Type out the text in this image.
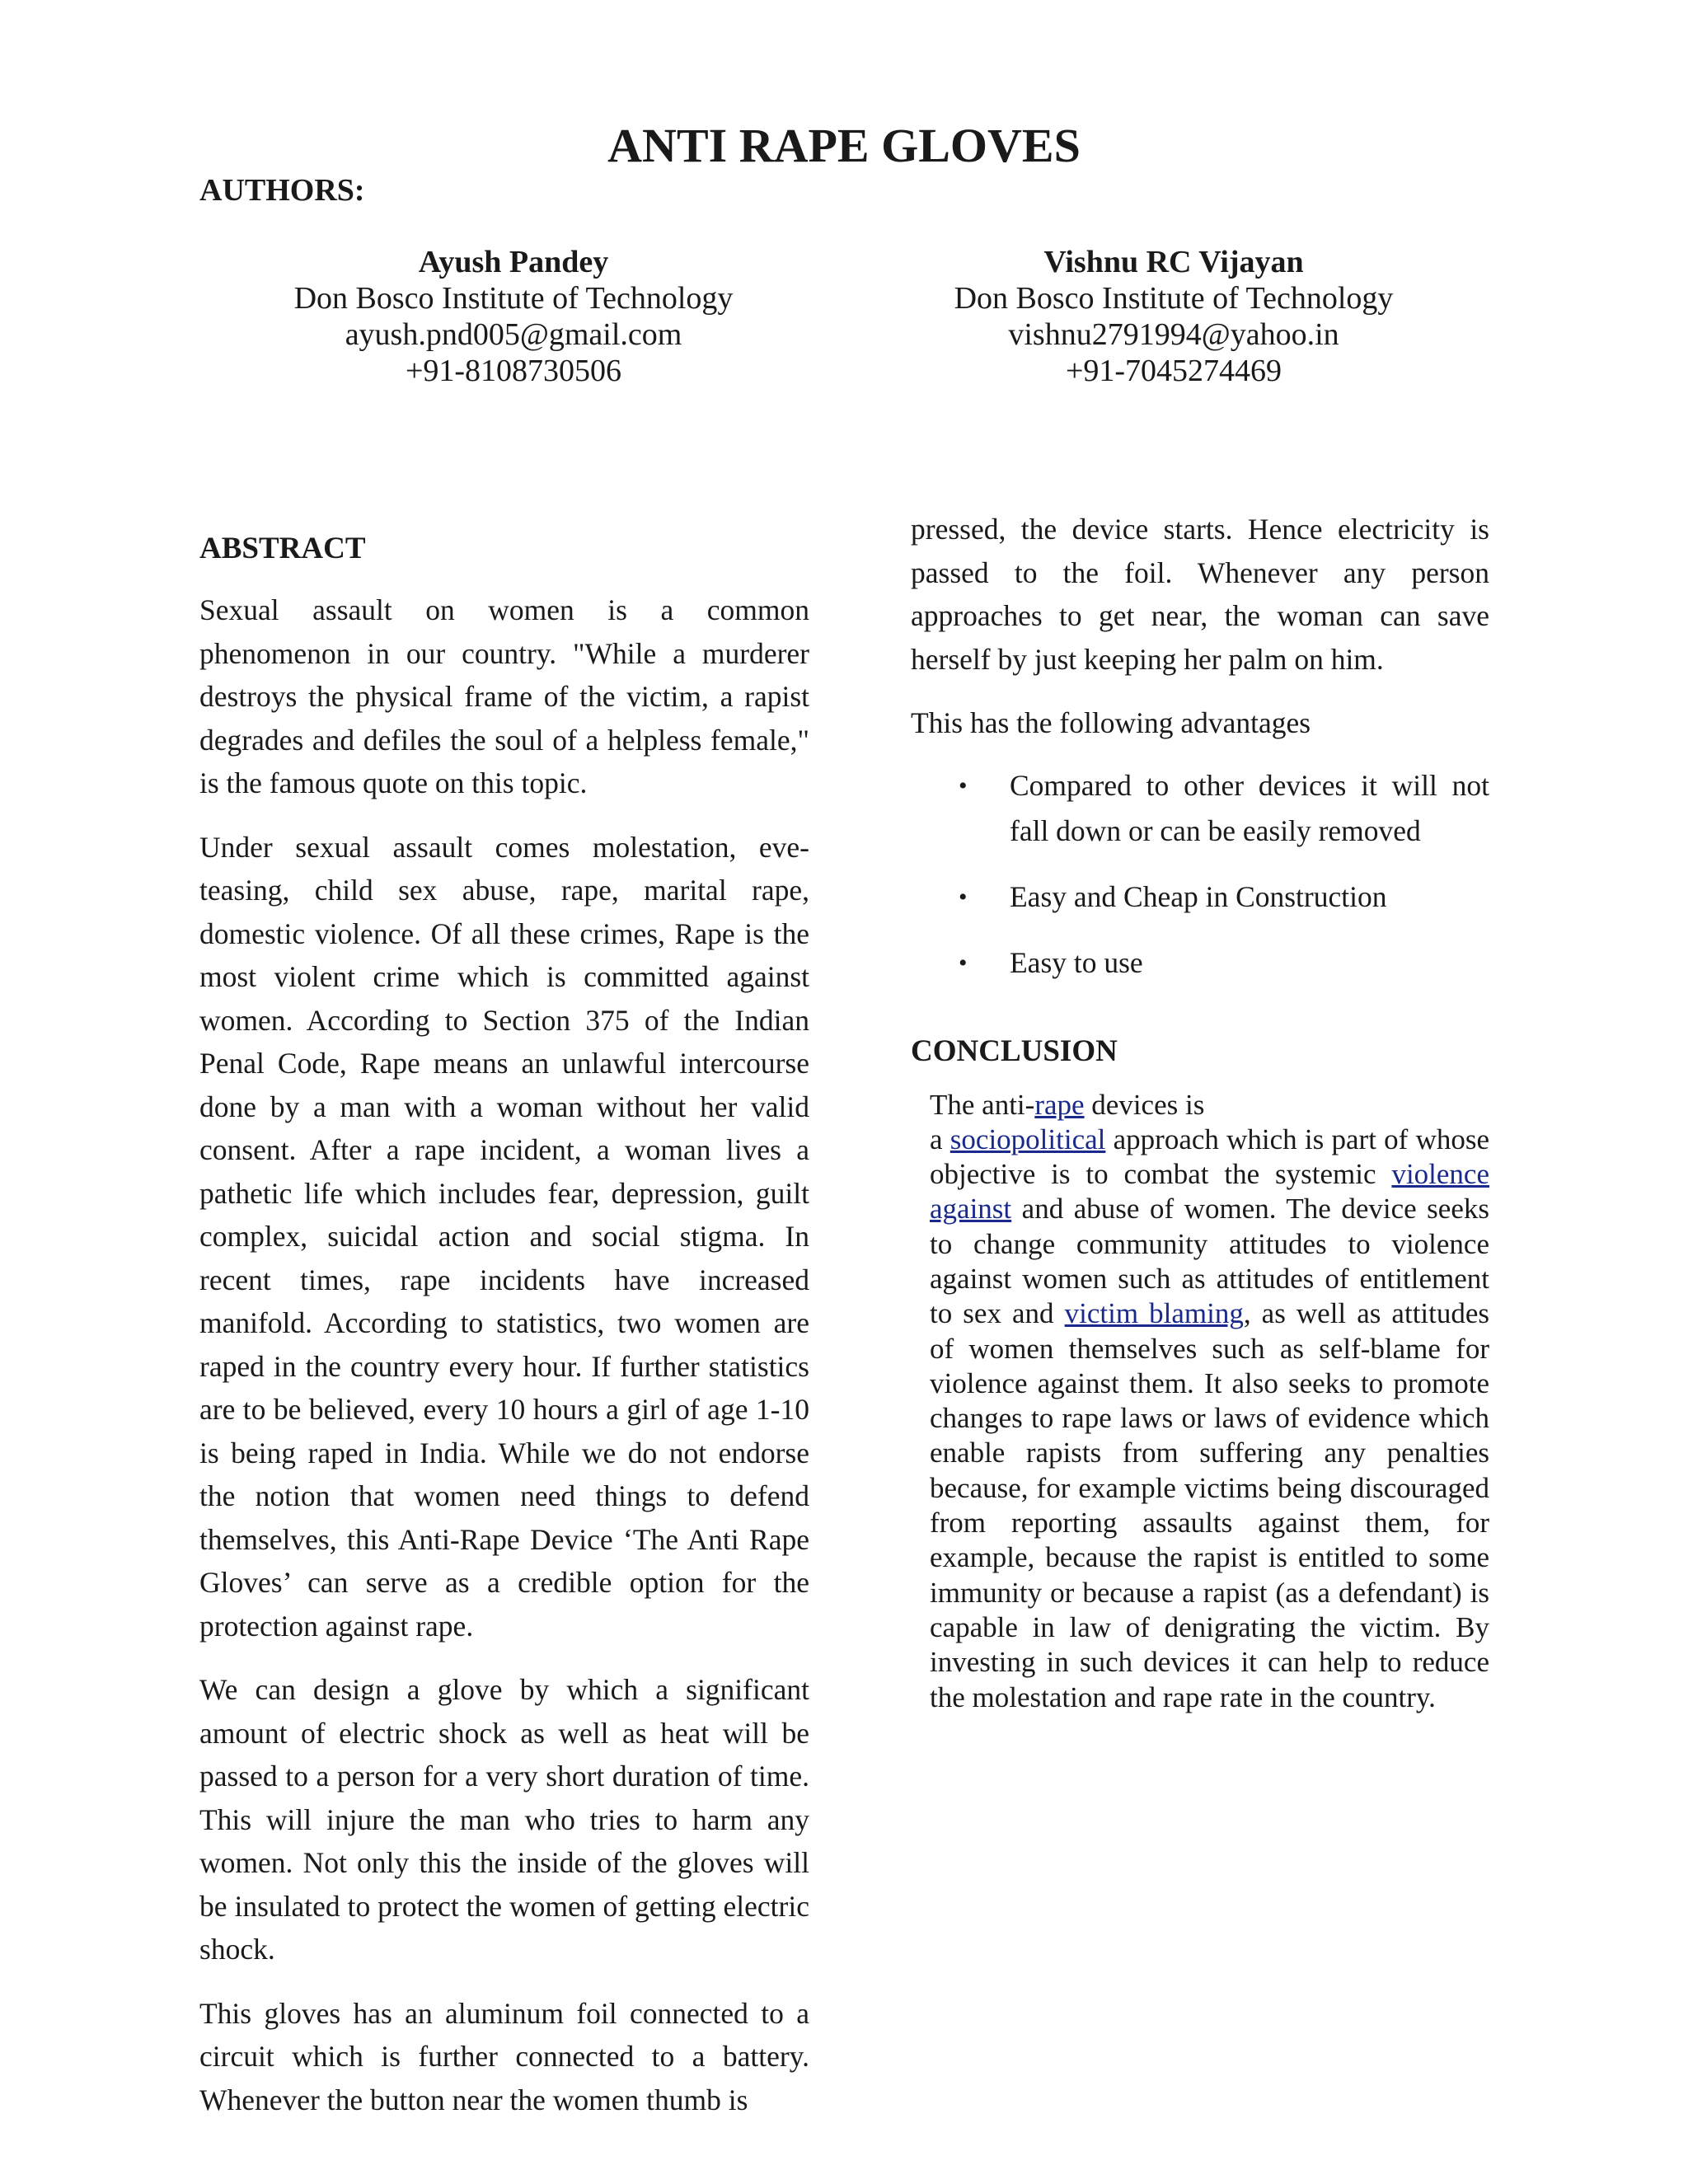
ANTI RAPE GLOVES
AUTHORS:
Ayush Pandey
Don Bosco Institute of Technology
ayush.pnd005@gmail.com
+91-8108730506
Vishnu RC Vijayan
Don Bosco Institute of Technology
vishnu2791994@yahoo.in
+91-7045274469
ABSTRACT

Sexual assault on women is a common phenomenon in our country. "While a murderer destroys the physical frame of the victim, a rapist degrades and defiles the soul of a helpless female," is the famous quote on this topic.

Under sexual assault comes molestation, eve-teasing, child sex abuse, rape, marital rape, domestic violence. Of all these crimes, Rape is the most violent crime which is committed against women. According to Section 375 of the Indian Penal Code, Rape means an unlawful intercourse done by a man with a woman without her valid consent. After a rape incident, a woman lives a pathetic life which includes fear, depression, guilt complex, suicidal action and social stigma. In recent times, rape incidents have increased manifold. According to statistics, two women are raped in the country every hour. If further statistics are to be believed, every 10 hours a girl of age 1-10 is being raped in India. While we do not endorse the notion that women need things to defend themselves, this Anti-Rape Device ‘The Anti Rape Gloves’ can serve as a credible option for the protection against rape.

We can design a glove by which a significant amount of electric shock as well as heat will be passed to a person for a very short duration of time. This will injure the man who tries to harm any women. Not only this the inside of the gloves will be insulated to protect the women of getting electric shock.

This gloves has an aluminum foil connected to a circuit which is further connected to a battery. Whenever the button near the women thumb is

pressed, the device starts. Hence electricity is passed to the foil. Whenever any person approaches to get near, the woman can save herself by just keeping her palm on him.

This has the following advantages

• Compared to other devices it will not fall down or can be easily removed
• Easy and Cheap in Construction
• Easy to use
CONCLUSION
The anti-rape devices is
a sociopolitical approach which is part of whose objective is to combat the systemic violence against and abuse of women. The device seeks to change community attitudes to violence against women such as attitudes of entitlement to sex and victim blaming, as well as attitudes of women themselves such as self-blame for violence against them. It also seeks to promote changes to rape laws or laws of evidence which enable rapists from suffering any penalties because, for example victims being discouraged from reporting assaults against them, for example, because the rapist is entitled to some immunity or because a rapist (as a defendant) is capable in law of denigrating the victim. By investing in such devices it can help to reduce the molestation and rape rate in the country.
